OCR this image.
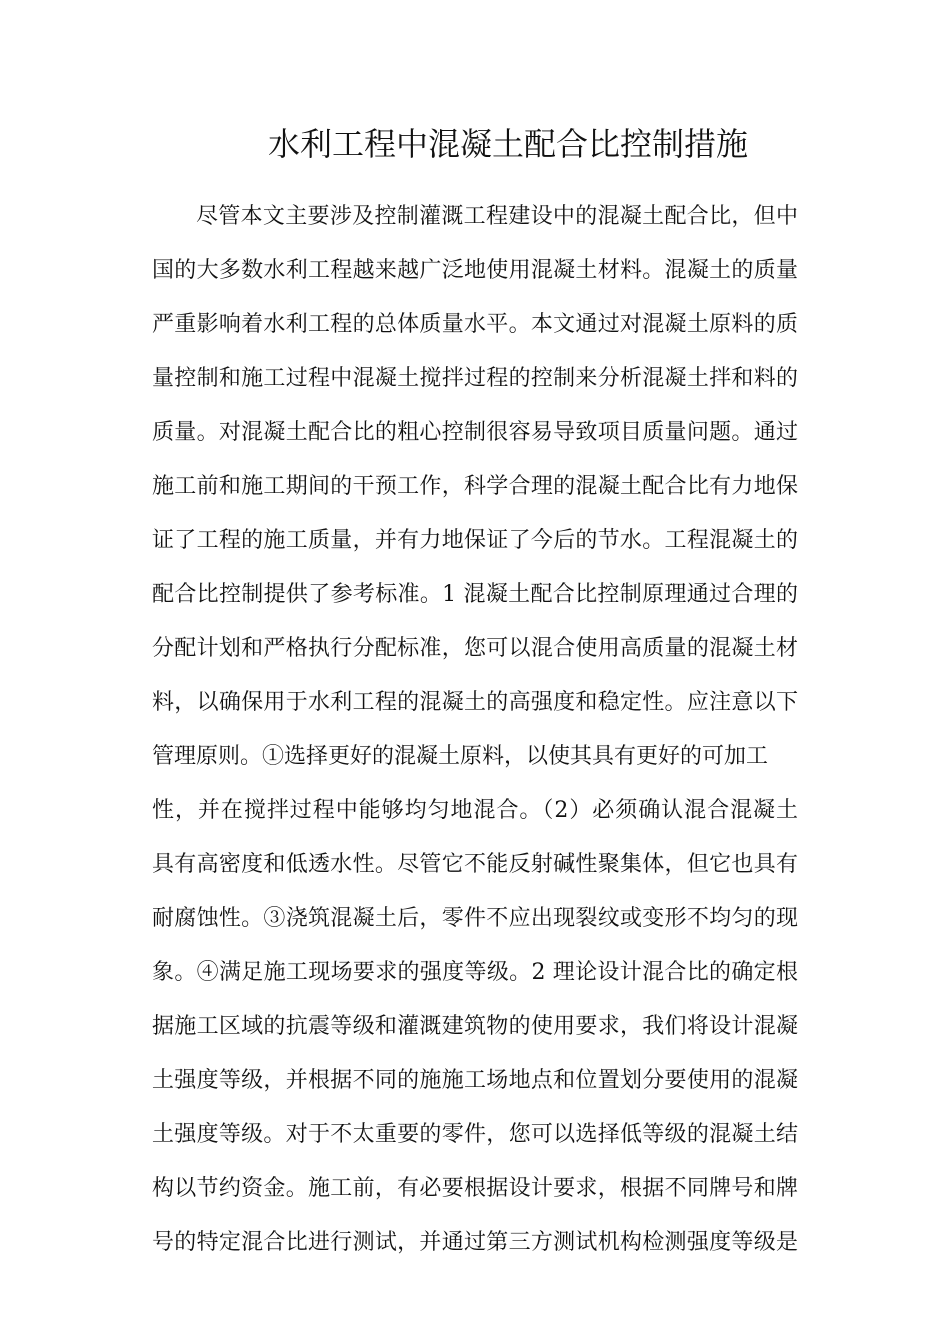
水利工程中混凝土配合比控制措施
尽管本文主要涉及控制灌溉工程建设中的混凝土配合比，但中
国的大多数水利工程越来越广泛地使用混凝土材料。混凝土的质量
严重影响着水利工程的总体质量水平。本文通过对混凝土原料的质
量控制和施工过程中混凝土搅拌过程的控制来分析混凝土拌和料的
质量。对混凝土配合比的粗心控制很容易导致项目质量问题。通过
施工前和施工期间的干预工作，科学合理的混凝土配合比有力地保
证了工程的施工质量，并有力地保证了今后的节水。工程混凝土的
配合比控制提供了参考标准。1 混凝土配合比控制原理通过合理的
分配计划和严格执行分配标准，您可以混合使用高质量的混凝土材
料，以确保用于水利工程的混凝土的高强度和稳定性。应注意以下
管理原则。①选择更好的混凝土原料，以使其具有更好的可加工
性，并在搅拌过程中能够均匀地混合。（2）必须确认混合混凝土
具有高密度和低透水性。尽管它不能反射碱性聚集体，但它也具有
耐腐蚀性。③浇筑混凝土后，零件不应出现裂纹或变形不均匀的现
象。④满足施工现场要求的强度等级。2 理论设计混合比的确定根
据施工区域的抗震等级和灌溉建筑物的使用要求，我们将设计混凝
土强度等级，并根据不同的施施工场地点和位置划分要使用的混凝
土强度等级。对于不太重要的零件，您可以选择低等级的混凝土结
构以节约资金。施工前，有必要根据设计要求，根据不同牌号和牌
号的特定混合比进行测试，并通过第三方测试机构检测强度等级是
